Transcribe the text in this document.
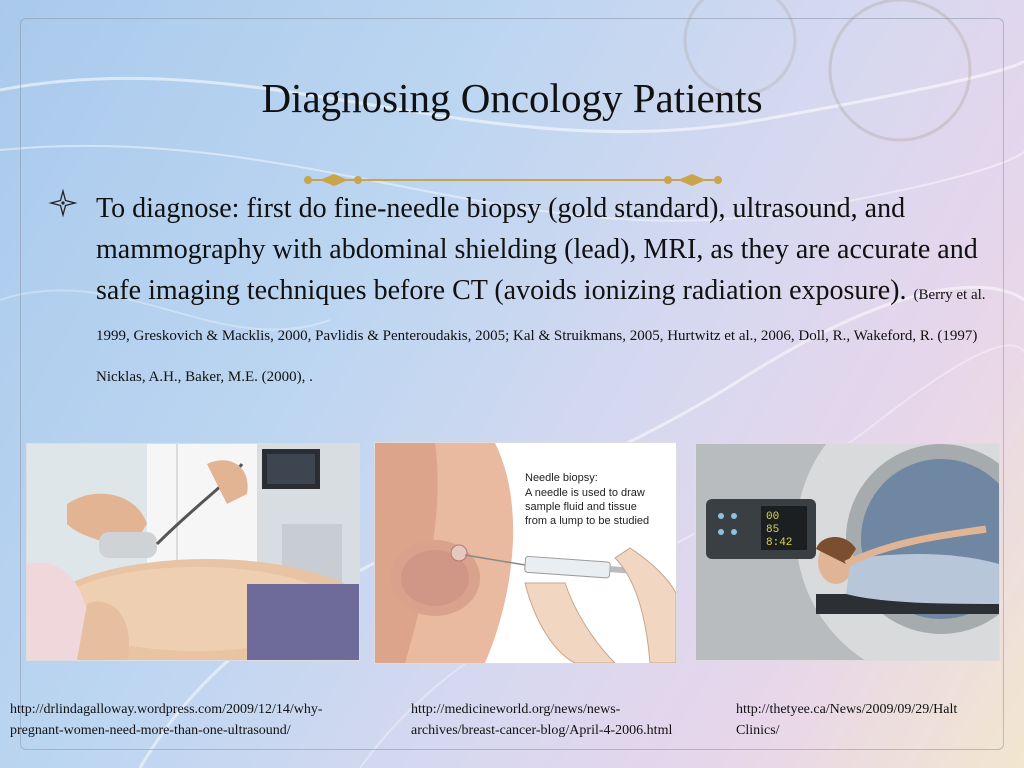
Diagnosing Oncology Patients
To diagnose: first do fine-needle biopsy (gold standard), ultrasound, and mammography with abdominal shielding (lead), MRI, as they are accurate and safe imaging techniques before CT (avoids ionizing radiation exposure). (Berry et al. 1999, Greskovich & Macklis, 2000, Pavlidis & Penteroudakis, 2005; Kal & Struikmans, 2005, Hurtwitz et al., 2006, Doll, R., Wakeford, R. (1997) Nicklas, A.H., Baker, M.E. (2000), .
Needle biopsy:
A needle is used to draw
sample fluid and tissue
from a lump to be studied	00
85
8:42
http://drlindagalloway.wordpress.com/2009/12/14/why-
pregnant-women-need-more-than-one-ultrasound/
http://medicineworld.org/news/news-
archives/breast-cancer-blog/April-4-2006.html
http://thetyee.ca/News/2009/09/29/Halt
Clinics/
